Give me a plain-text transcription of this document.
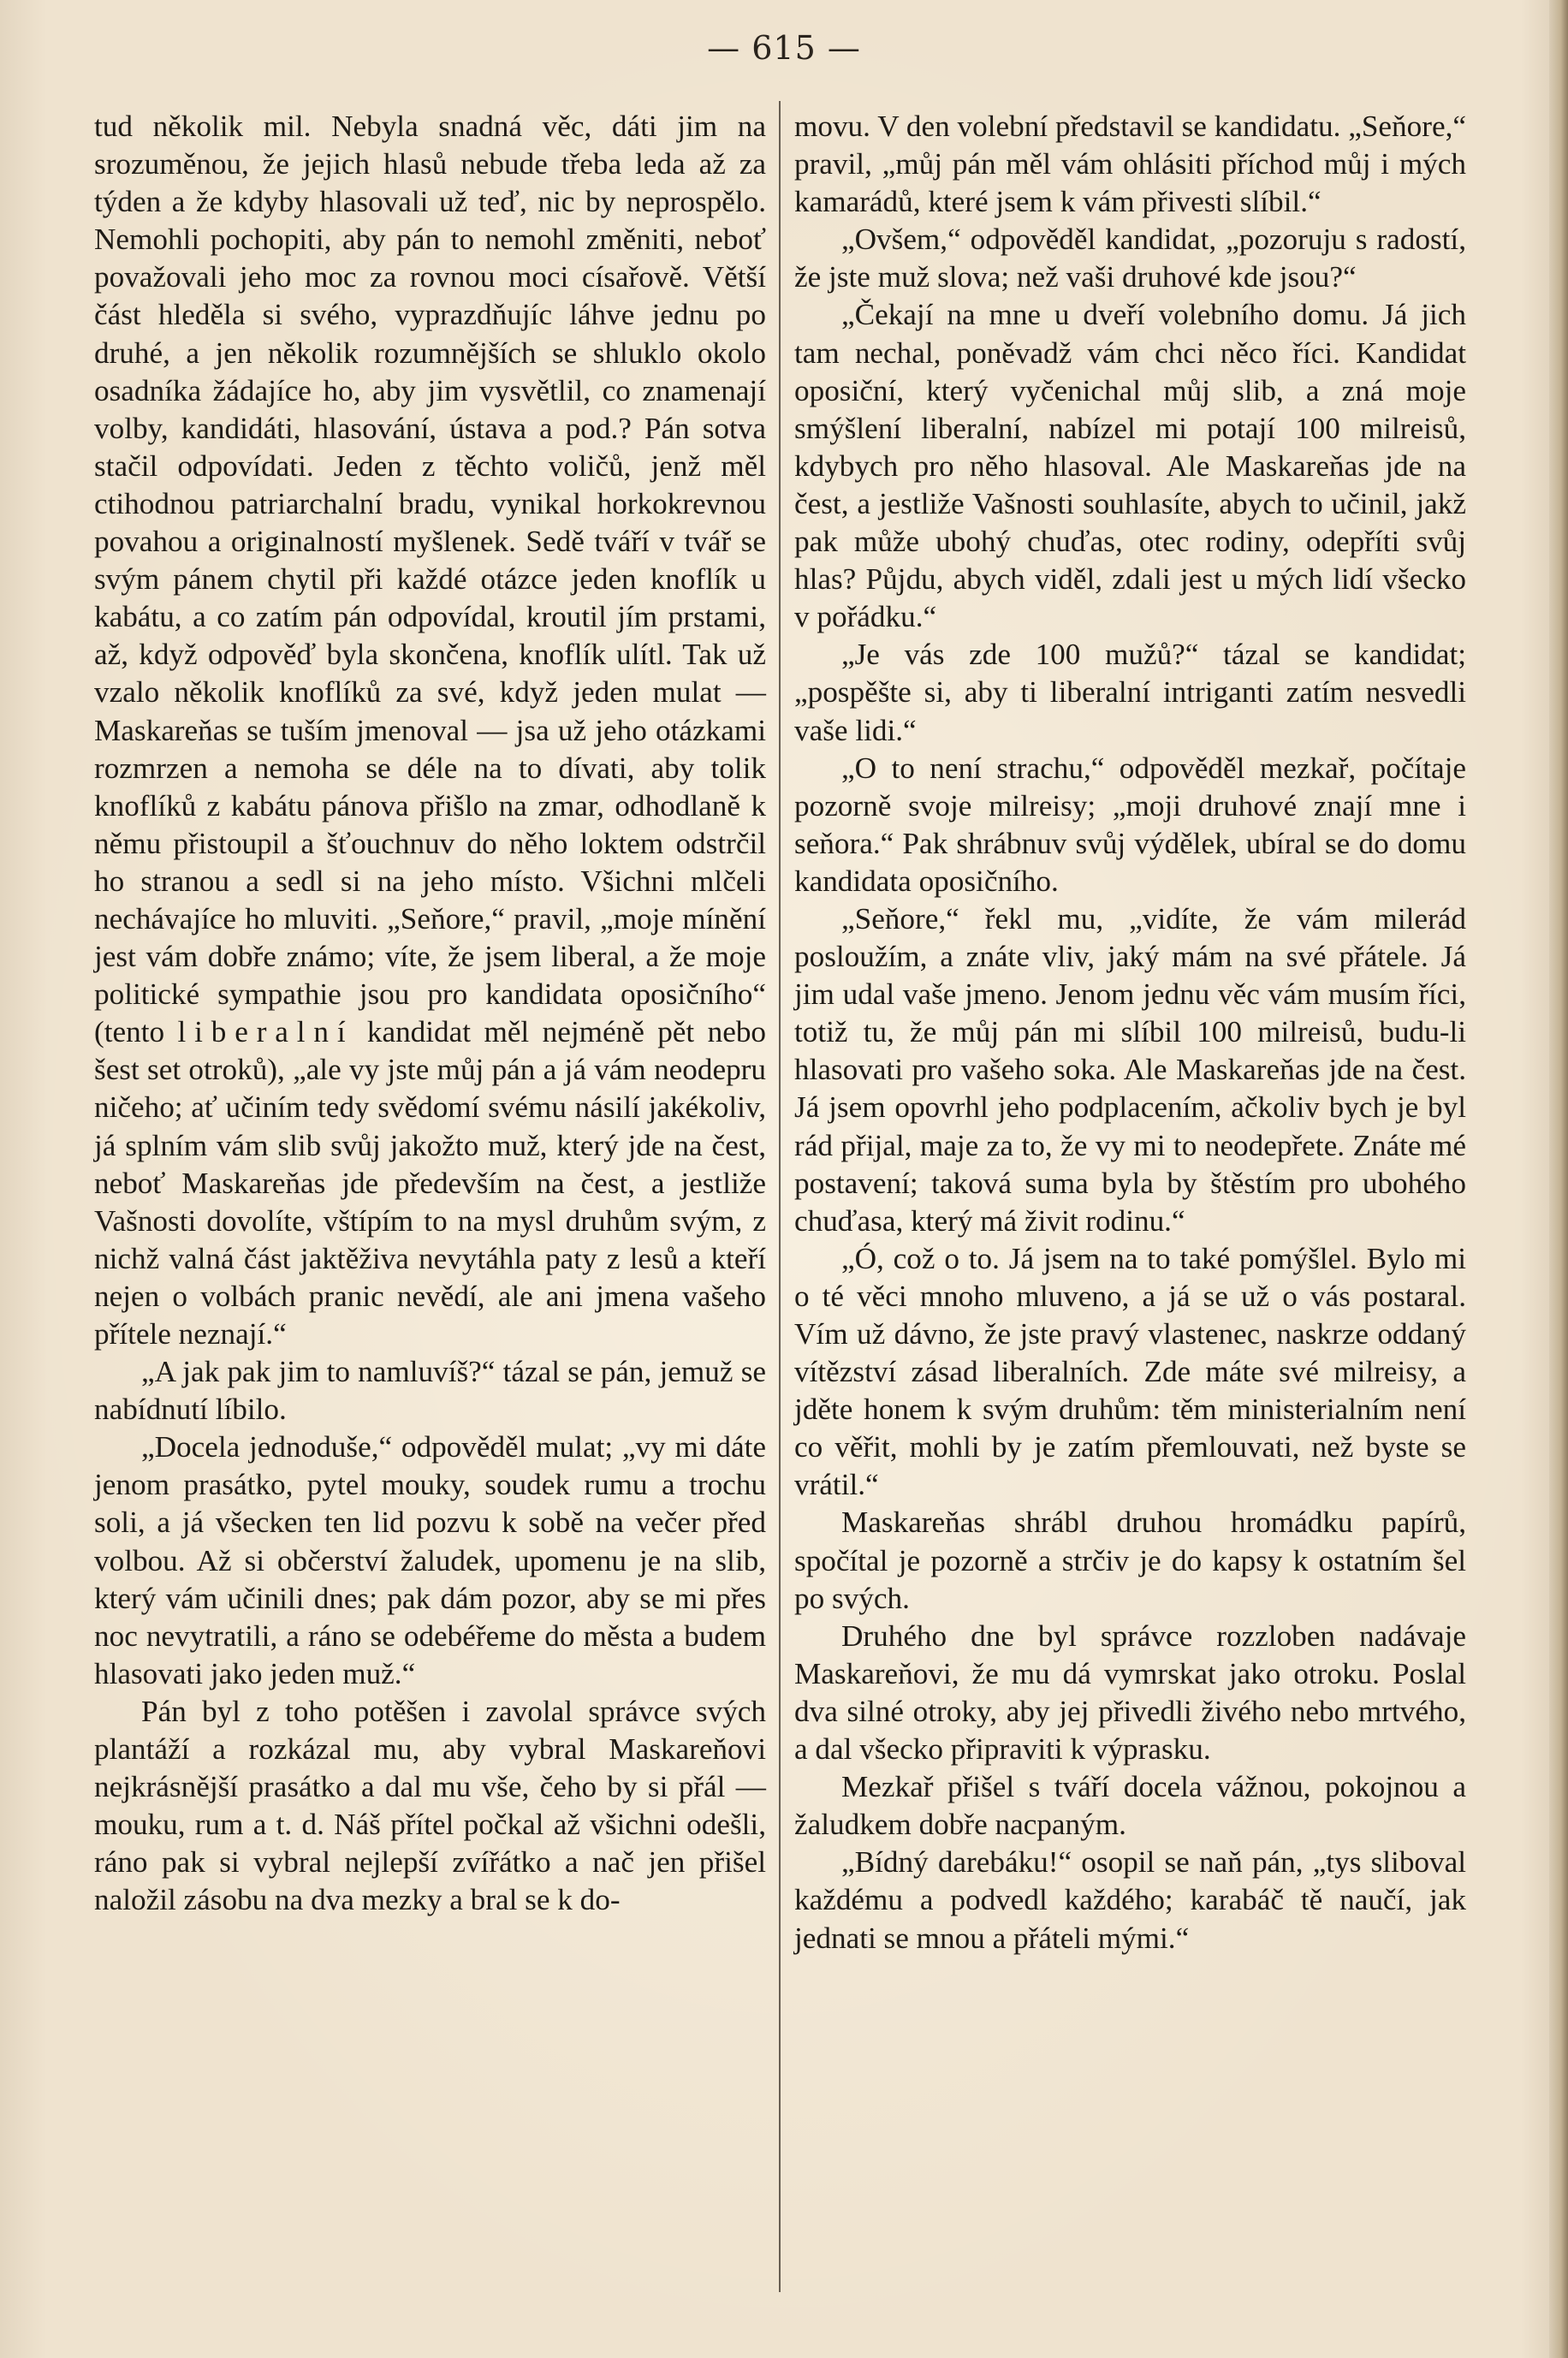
— 615 —

tud několik mil. Nebyla snadná věc, dáti jim na srozuměnou, že jejich hlasů nebude třeba leda až za týden a že kdyby hlasovali už teď, nic by neprospělo. Nemohli pochopiti, aby pán to nemohl změniti, neboť považovali jeho moc za rovnou moci císařově. Větší část hleděla si svého, vyprazdňujíc láhve jednu po druhé, a jen několik rozumnějších se shluklo okolo osadníka žádajíce ho, aby jim vysvětlil, co znamenají volby, kandidáti, hlasování, ústava a pod.? Pán sotva stačil odpovídati. Jeden z těchto voličů, jenž měl ctihodnou patriarchalní bradu, vynikal horkokrevnou povahou a originalností myšlenek. Sedě tváří v tvář se svým pánem chytil při každé otázce jeden knoflík u kabátu, a co zatím pán odpovídal, kroutil jím prstami, až, když odpověď byla skončena, knoflík ulítl. Tak už vzalo několik knoflíků za své, když jeden mulat — Maskareňas se tuším jmenoval — jsa už jeho otázkami rozmrzen a nemoha se déle na to dívati, aby tolik knoflíků z kabátu pánova přišlo na zmar, odhodlaně k němu přistoupil a šťouchnuv do něho loktem odstrčil ho stranou a sedl si na jeho místo. Všichni mlčeli nechávajíce ho mluviti. „Seňore,“ pravil, „moje mínění jest vám dobře známo; víte, že jsem liberal, a že moje politické sympathie jsou pro kandidata oposičního“ (tento liberalní kandidat měl nejméně pět nebo šest set otroků), „ale vy jste můj pán a já vám neodepru ničeho; ať učiním tedy svědomí svému násilí jakékoliv, já splním vám slib svůj jakožto muž, který jde na čest, neboť Maskareňas jde především na čest, a jestliže Vašnosti dovolíte, vštípím to na mysl druhům svým, z nichž valná část jaktěživa nevytáhla paty z lesů a kteří nejen o volbách pranic nevědí, ale ani jmena vašeho přítele neznají.“

„A jak pak jim to namluvíš?“ tázal se pán, jemuž se nabídnutí líbilo.

„Docela jednoduše,“ odpověděl mulat; „vy mi dáte jenom prasátko, pytel mouky, soudek rumu a trochu soli, a já všecken ten lid pozvu k sobě na večer před volbou. Až si občerství žaludek, upomenu je na slib, který vám učinili dnes; pak dám pozor, aby se mi přes noc nevytratili, a ráno se odebéřeme do města a budem hlasovati jako jeden muž.“

Pán byl z toho potěšen i zavolal správce svých plantáží a rozkázal mu, aby vybral Maskareňovi nejkrásnější prasátko a dal mu vše, čeho by si přál — mouku, rum a t. d. Náš přítel počkal až všichni odešli, ráno pak si vybral nejlepší zvířátko a nač jen přišel naložil zásobu na dva mezky a bral se k do-

movu. V den volební představil se kandidatu. „Seňore,“ pravil, „můj pán měl vám ohlásiti příchod můj i mých kamarádů, které jsem k vám přivesti slíbil.“

„Ovšem,“ odpověděl kandidat, „pozoruju s radostí, že jste muž slova; než vaši druhové kde jsou?“

„Čekají na mne u dveří volebního domu. Já jich tam nechal, poněvadž vám chci něco říci. Kandidat oposiční, který vyčenichal můj slib, a zná moje smýšlení liberalní, nabízel mi potají 100 milreisů, kdybych pro něho hlasoval. Ale Maskareňas jde na čest, a jestliže Vašnosti souhlasíte, abych to učinil, jakž pak může ubohý chuďas, otec rodiny, odepříti svůj hlas? Půjdu, abych viděl, zdali jest u mých lidí všecko v pořádku.“

„Je vás zde 100 mužů?“ tázal se kandidat; „pospěšte si, aby ti liberalní intriganti zatím nesvedli vaše lidi.“

„O to není strachu,“ odpověděl mezkař, počítaje pozorně svoje milreisy; „moji druhové znají mne i seňora.“ Pak shrábnuv svůj výdělek, ubíral se do domu kandidata oposičního.

„Seňore,“ řekl mu, „vidíte, že vám milerád posloužím, a znáte vliv, jaký mám na své přátele. Já jim udal vaše jmeno. Jenom jednu věc vám musím říci, totiž tu, že můj pán mi slíbil 100 milreisů, budu-li hlasovati pro vašeho soka. Ale Maskareňas jde na čest. Já jsem opovrhl jeho podplacením, ačkoliv bych je byl rád přijal, maje za to, že vy mi to neodepřete. Znáte mé postavení; taková suma byla by štěstím pro ubohého chuďasa, který má živit rodinu.“

„Ó, což o to. Já jsem na to také pomýšlel. Bylo mi o té věci mnoho mluveno, a já se už o vás postaral. Vím už dávno, že jste pravý vlastenec, naskrze oddaný vítězství zásad liberalních. Zde máte své milreisy, a jděte honem k svým druhům: těm ministerialním není co věřit, mohli by je zatím přemlouvati, než byste se vrátil.“

Maskareňas shrábl druhou hromádku papírů, spočítal je pozorně a strčiv je do kapsy k ostatním šel po svých.

Druhého dne byl správce rozzloben nadávaje Maskareňovi, že mu dá vymrskat jako otroku. Poslal dva silné otroky, aby jej přivedli živého nebo mrtvého, a dal všecko připraviti k výprasku.

Mezkař přišel s tváří docela vážnou, pokojnou a žaludkem dobře nacpaným.

„Bídný darebáku!“ osopil se naň pán, „tys sliboval každému a podvedl každého; karabáč tě naučí, jak jednati se mnou a přáteli mými.“
